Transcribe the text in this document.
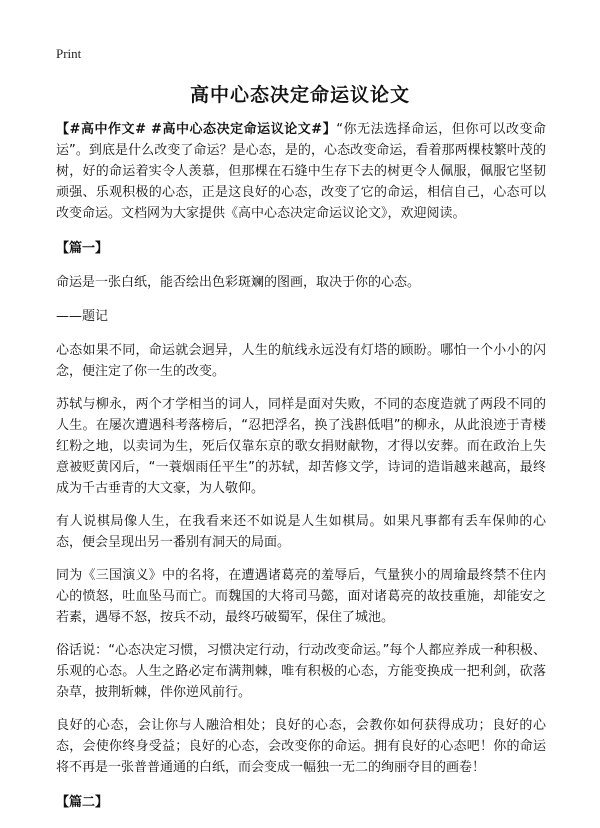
Print
高中心态决定命运议论文

【#高中作文# #高中心态决定命运议论文#】“你无法选择命运，但你可以改变命运”。到底是什么改变了命运？是心态，是的，心态改变命运，看着那两棵枝繁叶茂的树，好的命运着实令人羡慕，但那棵在石缝中生存下去的树更令人佩服，佩服它坚韧顽强、乐观积极的心态，正是这良好的心态，改变了它的命运，相信自己，心态可以改变命运。文档网为大家提供《高中心态决定命运议论文》，欢迎阅读。

【篇一】

命运是一张白纸，能否绘出色彩斑斓的图画，取决于你的心态。

——题记

心态如果不同，命运就会迥异，人生的航线永远没有灯塔的顾盼。哪怕一个小小的闪念，便注定了你一生的改变。

苏轼与柳永，两个才学相当的词人，同样是面对失败，不同的态度造就了两段不同的人生。在屡次遭遇科考落榜后，“忍把浮名，换了浅斟低唱”的柳永，从此浪迹于青楼红粉之地，以卖词为生，死后仅靠东京的歌女捐财献物，才得以安葬。而在政治上失意被贬黄冈后，“一蓑烟雨任平生”的苏轼，却苦修文学，诗词的造诣越来越高，最终成为千古垂青的大文豪，为人敬仰。

有人说棋局像人生，在我看来还不如说是人生如棋局。如果凡事都有丢车保帅的心态，便会呈现出另一番别有洞天的局面。

同为《三国演义》中的名将，在遭遇诸葛亮的羞辱后，气量狭小的周瑜最终禁不住内心的愤怒，吐血坠马而亡。而魏国的大将司马懿，面对诸葛亮的故技重施，却能安之若素，遇辱不怒，按兵不动，最终巧破蜀军，保住了城池。

俗话说：“心态决定习惯，习惯决定行动，行动改变命运。”每个人都应养成一种积极、乐观的心态。人生之路必定布满荆棘，唯有积极的心态，方能变换成一把利剑，砍落杂草，披荆斩棘，伴你逆风前行。

良好的心态，会让你与人融洽相处；良好的心态，会教你如何获得成功；良好的心态，会使你终身受益；良好的心态，会改变你的命运。拥有良好的心态吧！你的命运将不再是一张普普通通的白纸，而会变成一幅独一无二的绚丽夺目的画卷！

【篇二】
